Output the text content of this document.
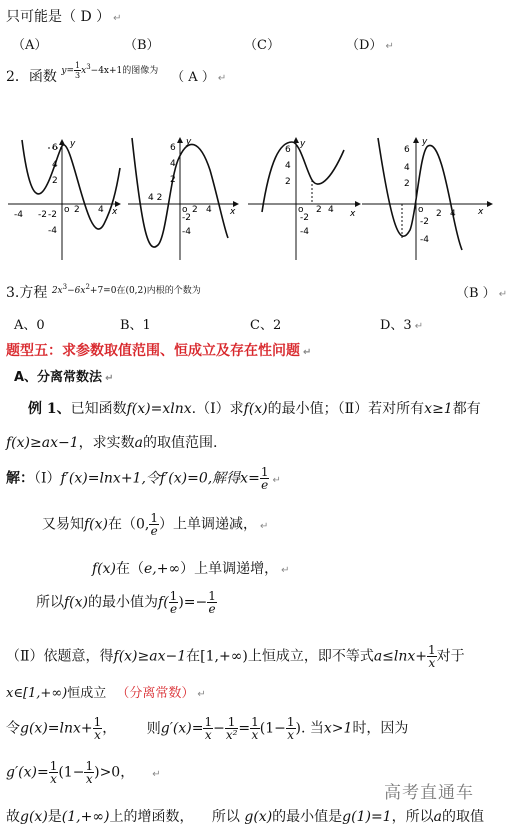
只可能是（ D ） ↵
（A）	（B）	（C）	（D） ↵
2．函数 $^{y= \frac{1}{3} x^3-4x+1的图像为}$ （ A ） ↵
y
6
4
2
-2
-4
-4 -2 o 2 4 x
y
6
4
2
-2
-4
4 2
o 2 4 x
y
6
4
2
-2
-4
o 2 4 x
y
6
4
2
-2
-4
o 2 4 x
3.方程 $^{2x^3-6x^2+7=0在(0,2)内根的个数为}$	（B ） ↵
A、0	B、1	C、2	D、3 ↵
题型五：求参数取值范围、恒成立及存在性问题 ↵
A、分离常数法 ↵
例 1、已知函数f(x)=xlnx.（Ⅰ）求f(x)的最小值；（Ⅱ）若对所有x≥1都有
f(x)≥ax−1，求实数a的取值范围.
解：（Ⅰ）f′(x)=lnx+1,令f′(x)=0,解得$x= \frac{1}{e}$ ↵
又易知f(x)在（0, $\frac{1}{e}$ ）上单调递减， ↵
f(x)在（e,+∞）上单调递增， ↵
所以f(x)的最小值为$f( \frac{1}{e}$ )=− $\frac{1}{e}$
（Ⅱ）依题意，得f(x)≥ax−1在[1,+∞)上恒成立，即不等式$a\le\ln x+ \frac{1}{x}$ 对于
x∈[1,+∞)恒成立 （分离常数） ↵
令$g(x)=\ln x+ \frac{1}{x}$ ， 则$g'(x)= \frac{1}{x} - \frac{1}{\text{x²}} = \frac{1}{x} (1- \frac{1}{x}$ ). 当x>1时，因为
$g'(x)= \frac{1}{x} (1- \frac{1}{x} )>0$， ↵
高考直通车
故g(x)是(1,+∞)上的增函数， 所以 g(x)的最小值是g(1)=1，所以a的取值
